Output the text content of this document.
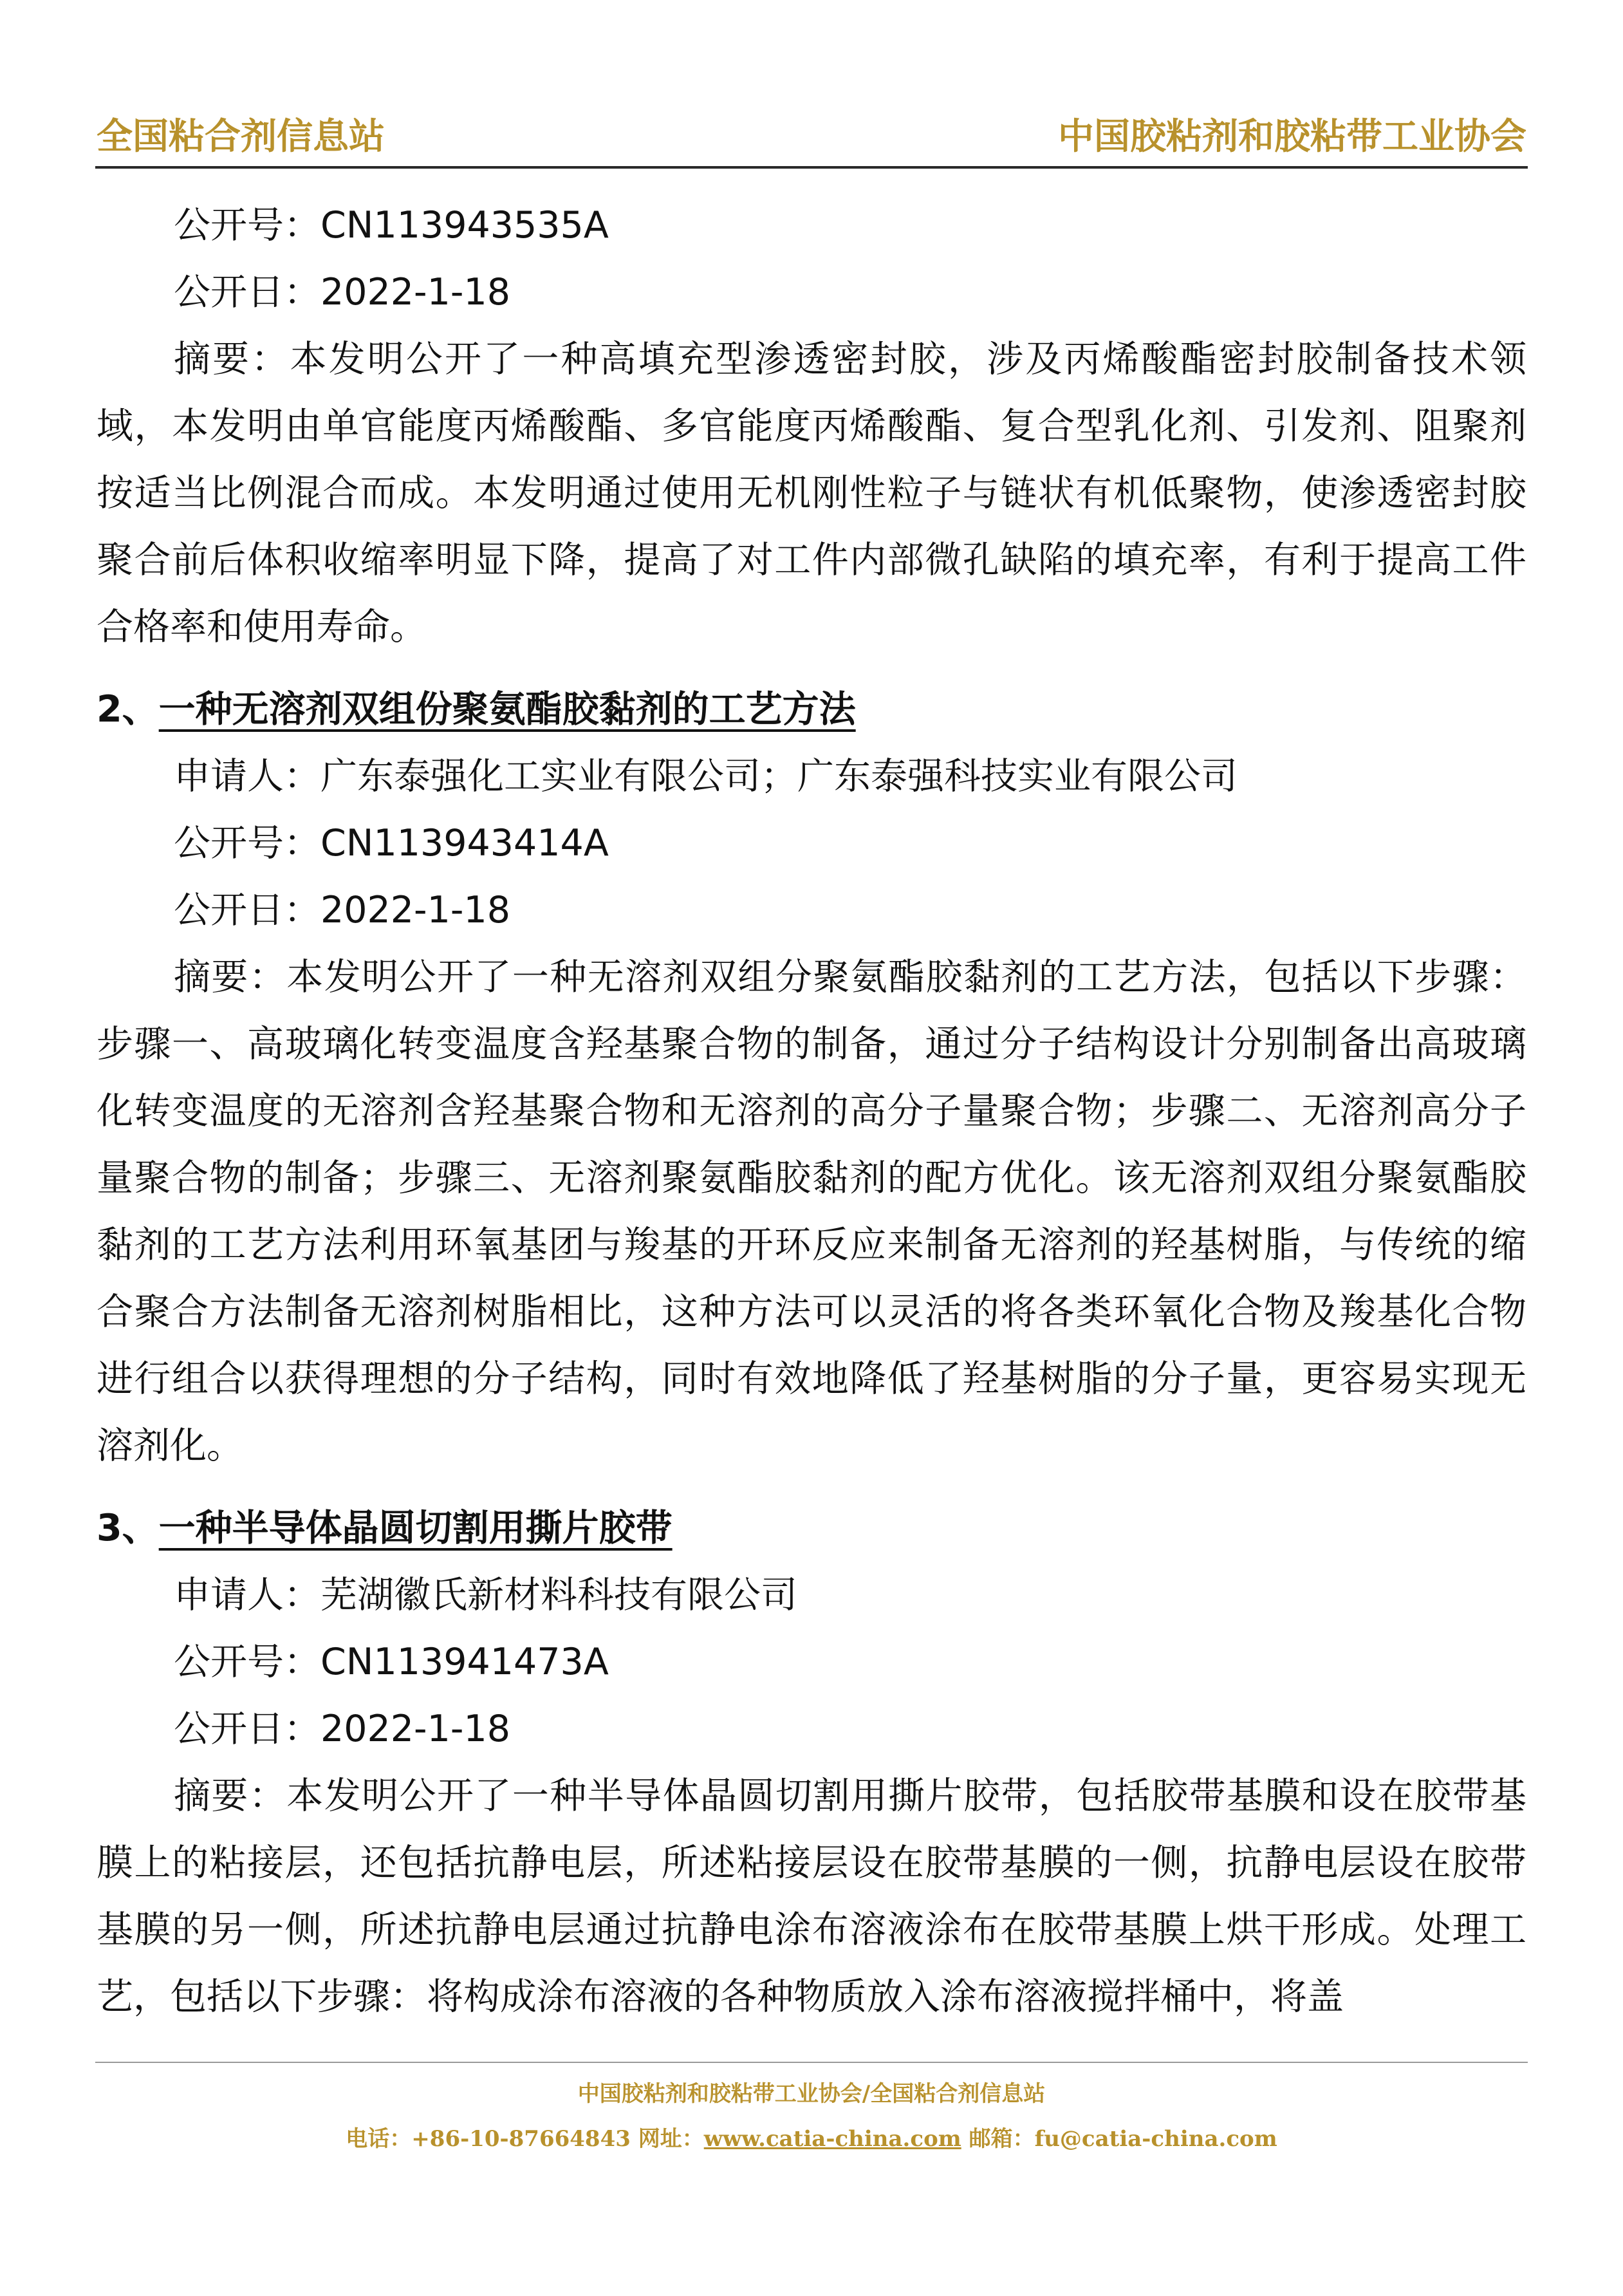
全国粘合剂信息站	中国胶粘剂和胶粘带工业协会

公开号：CN113943535A

公开日：2022-1-18

摘要：本发明公开了一种高填充型渗透密封胶，涉及丙烯酸酯密封胶制备技术领域，本发明由单官能度丙烯酸酯、多官能度丙烯酸酯、复合型乳化剂、引发剂、阻聚剂按适当比例混合而成。本发明通过使用无机刚性粒子与链状有机低聚物，使渗透密封胶聚合前后体积收缩率明显下降，提高了对工件内部微孔缺陷的填充率，有利于提高工件合格率和使用寿命。

2、一种无溶剂双组份聚氨酯胶黏剂的工艺方法

申请人：广东泰强化工实业有限公司；广东泰强科技实业有限公司

公开号：CN113943414A

公开日：2022-1-18

摘要：本发明公开了一种无溶剂双组分聚氨酯胶黏剂的工艺方法，包括以下步骤：步骤一、高玻璃化转变温度含羟基聚合物的制备，通过分子结构设计分别制备出高玻璃化转变温度的无溶剂含羟基聚合物和无溶剂的高分子量聚合物；步骤二、无溶剂高分子量聚合物的制备；步骤三、无溶剂聚氨酯胶黏剂的配方优化。该无溶剂双组分聚氨酯胶黏剂的工艺方法利用环氧基团与羧基的开环反应来制备无溶剂的羟基树脂，与传统的缩合聚合方法制备无溶剂树脂相比，这种方法可以灵活的将各类环氧化合物及羧基化合物进行组合以获得理想的分子结构，同时有效地降低了羟基树脂的分子量，更容易实现无溶剂化。

3、一种半导体晶圆切割用撕片胶带

申请人：芜湖徽氏新材料科技有限公司

公开号：CN113941473A

公开日：2022-1-18

摘要：本发明公开了一种半导体晶圆切割用撕片胶带，包括胶带基膜和设在胶带基膜上的粘接层，还包括抗静电层，所述粘接层设在胶带基膜的一侧，抗静电层设在胶带基膜的另一侧，所述抗静电层通过抗静电涂布溶液涂布在胶带基膜上烘干形成。处理工艺，包括以下步骤：将构成涂布溶液的各种物质放入涂布溶液搅拌桶中，将盖

中国胶粘剂和胶粘带工业协会/全国粘合剂信息站
电话：+86-10-87664843 网址：www.catia-china.com 邮箱：fu@catia-china.com
